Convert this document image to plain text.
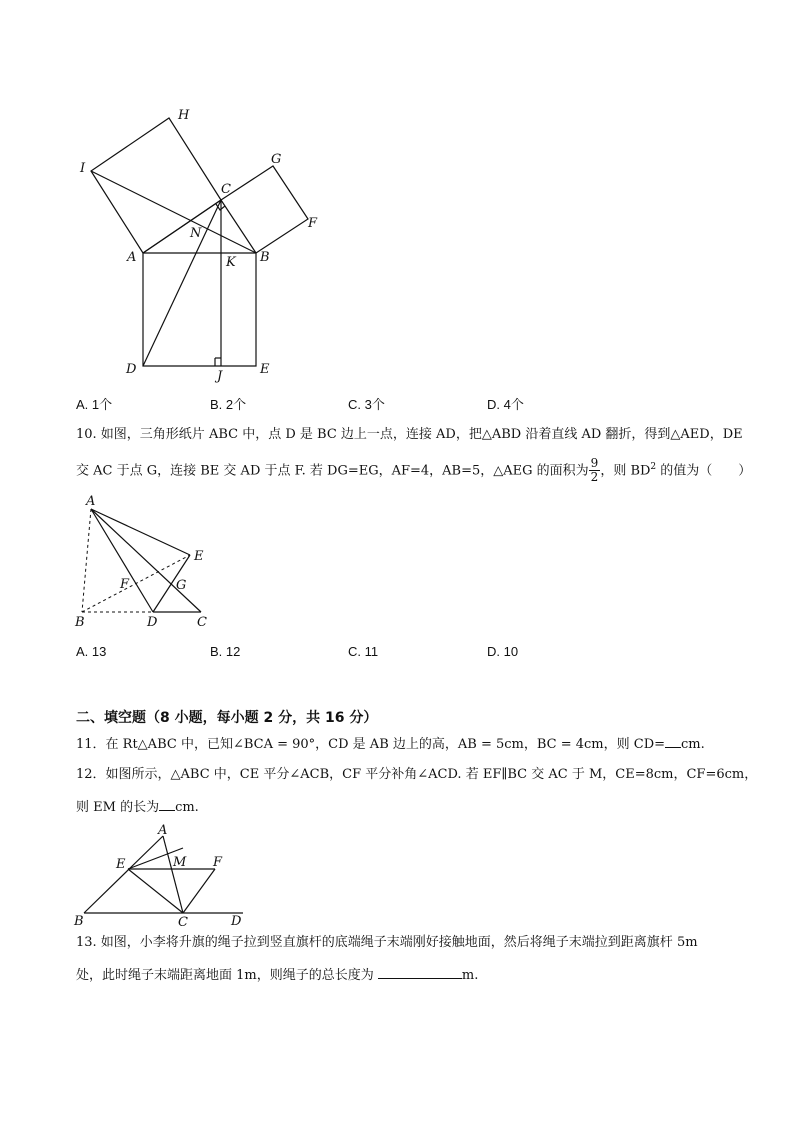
H
I
G
C
F
N
A	K B
D	J	E
A. 1个	B. 2个	C. 3个	D. 4个
10. 如图，三角形纸片 ABC 中，点 D 是 BC 边上一点，连接 AD，把△ABD 沿着直线 AD 翻折，得到△AED，DE
交 AC 于点 G，连接 BE 交 AD 于点 F. 若 DG=EG，AF=4，AB=5，△AEG 的面积为 $\frac{9}{2}$ ，则 $BD^2$ 的值为（　　）
A
E
F	G
B	D	C
A. 13	B. 12	C. 11	D. 10
二、填空题（8 小题，每小题 2 分，共 16 分）
11．在 Rt△ABC 中，已知∠BCA = 90°，CD 是 AB 边上的高，AB = 5cm，BC = 4cm，则 CD= cm.
12．如图所示，△ABC 中，CE 平分∠ACB，CF 平分补角∠ACD. 若 EF∥BC 交 AC 于 M，CE=8cm，CF=6cm，
则 EM 的长为 cm.
A
E	M F
B	C	D
13. 如图，小李将升旗的绳子拉到竖直旗杆的底端绳子末端刚好接触地面，然后将绳子末端拉到距离旗杆 5m
处，此时绳子末端距离地面 1m，则绳子的总长度为	m.
